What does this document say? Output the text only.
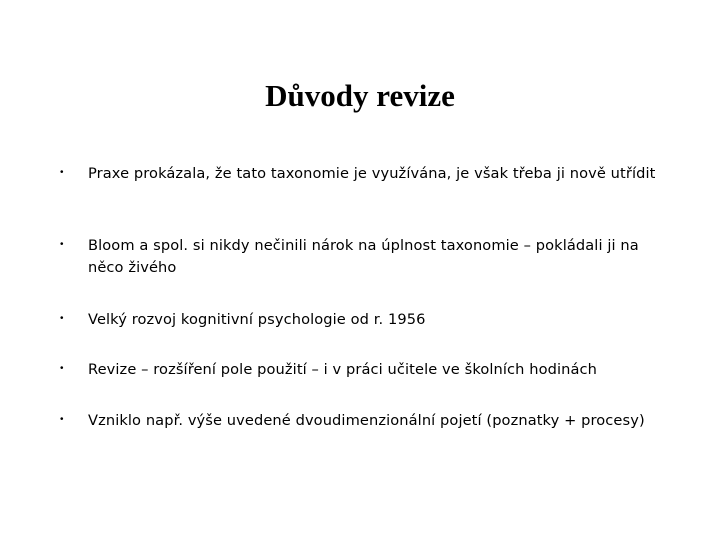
Důvody revize
• Praxe prokázala, že tato taxonomie je využívána, je však třeba ji nově utřídit
• Bloom a spol. si nikdy nečinili nárok na úplnost taxonomie – pokládali ji na něco živého
• Velký rozvoj kognitivní psychologie od r. 1956
• Revize – rozšíření pole použití – i v práci učitele ve školních hodinách
• Vzniklo např. výše uvedené dvoudimenzionální pojetí (poznatky + procesy)
